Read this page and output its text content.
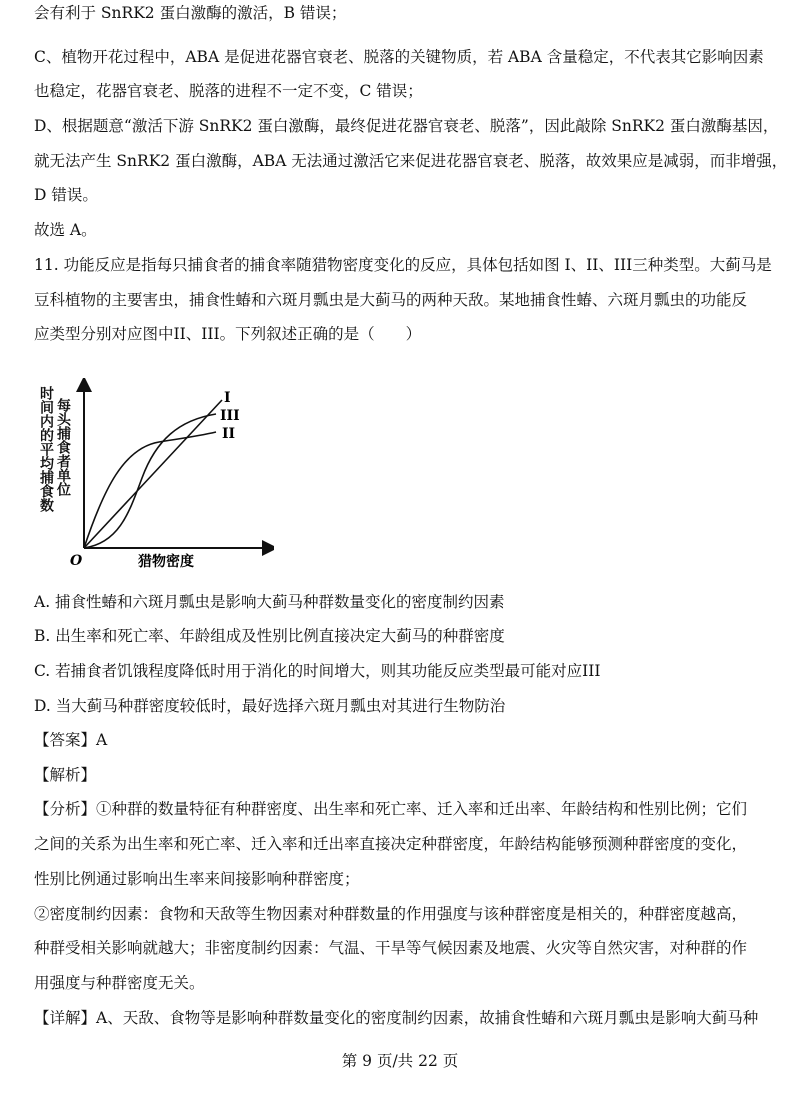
会有利于 SnRK2 蛋白激酶的激活，B 错误；
C、植物开花过程中，ABA 是促进花器官衰老、脱落的关键物质，若 ABA 含量稳定，不代表其它影响因素
也稳定，花器官衰老、脱落的进程不一定不变，C 错误；
D、根据题意“激活下游 SnRK2 蛋白激酶，最终促进花器官衰老、脱落”，因此敲除 SnRK2 蛋白激酶基因，
就无法产生 SnRK2 蛋白激酶，ABA 无法通过激活它来促进花器官衰老、脱落，故效果应是减弱，而非增强，
D 错误。
故选 A。
11. 功能反应是指每只捕食者的捕食率随猎物密度变化的反应，具体包括如图 I、II、III三种类型。大蓟马是
豆科植物的主要害虫，捕食性蝽和六斑月瓢虫是大蓟马的两种天敌。某地捕食性蝽、六斑月瓢虫的功能反
应类型分别对应图中II、III。下列叙述正确的是（　　）
I
III
II
O	猎物密度
每头捕食者单位
时间内的平均捕食数
A. 捕食性蝽和六斑月瓢虫是影响大蓟马种群数量变化的密度制约因素
B. 出生率和死亡率、年龄组成及性别比例直接决定大蓟马的种群密度
C. 若捕食者饥饿程度降低时用于消化的时间增大，则其功能反应类型最可能对应III
D. 当大蓟马种群密度较低时，最好选择六斑月瓢虫对其进行生物防治
【答案】A
【解析】
【分析】①种群的数量特征有种群密度、出生率和死亡率、迁入率和迁出率、年龄结构和性别比例；它们
之间的关系为出生率和死亡率、迁入率和迁出率直接决定种群密度，年龄结构能够预测种群密度的变化，
性别比例通过影响出生率来间接影响种群密度；
②密度制约因素：食物和天敌等生物因素对种群数量的作用强度与该种群密度是相关的，种群密度越高，
种群受相关影响就越大；非密度制约因素：气温、干旱等气候因素及地震、火灾等自然灾害，对种群的作
用强度与种群密度无关。
【详解】A、天敌、食物等是影响种群数量变化的密度制约因素，故捕食性蝽和六斑月瓢虫是影响大蓟马种
第 9 页/共 22 页
